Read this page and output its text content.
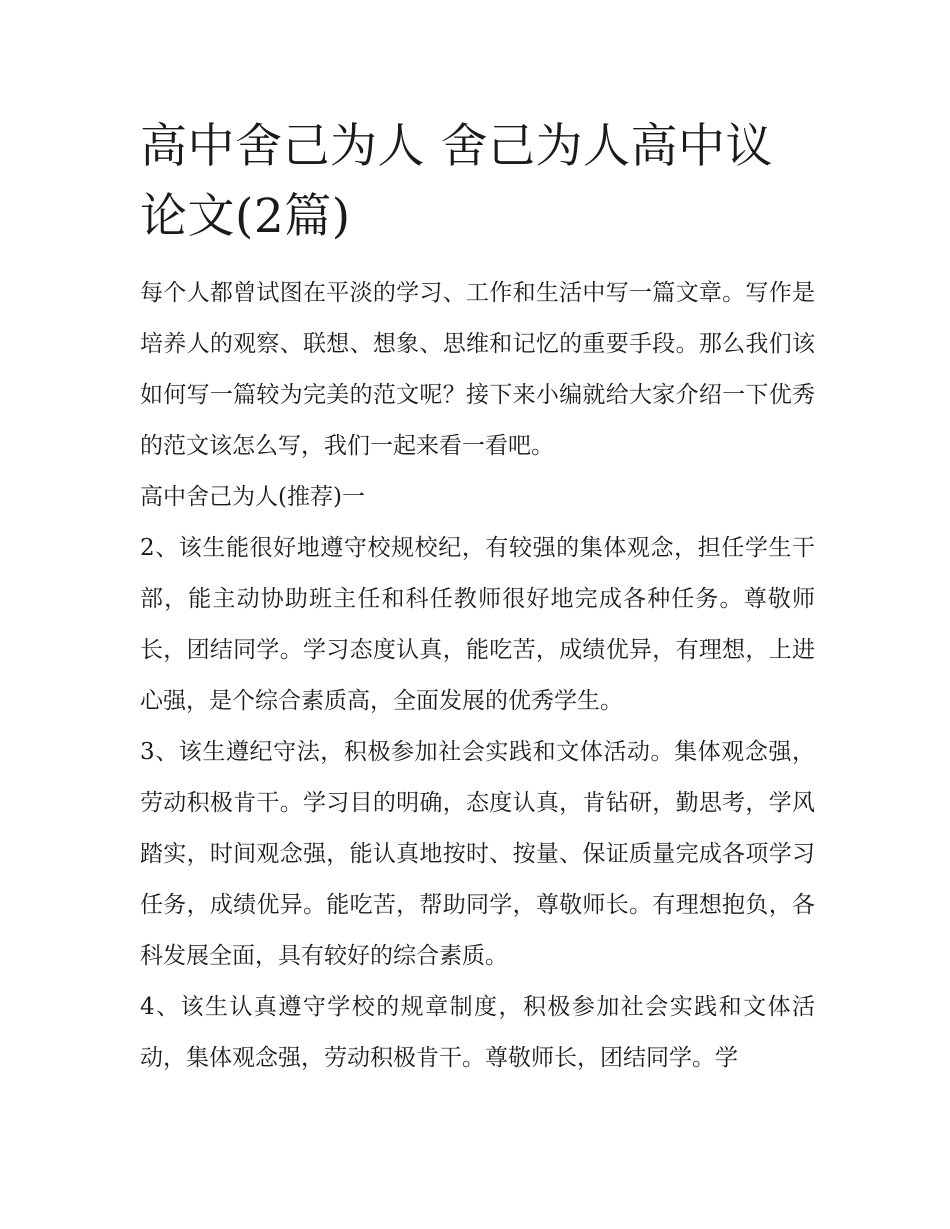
高中舍己为人 舍己为人高中议论文(2篇)

每个人都曾试图在平淡的学习、工作和生活中写一篇文章。写作是培养人的观察、联想、想象、思维和记忆的重要手段。那么我们该如何写一篇较为完美的范文呢？接下来小编就给大家介绍一下优秀的范文该怎么写，我们一起来看一看吧。

高中舍己为人(推荐)一

2、该生能很好地遵守校规校纪，有较强的集体观念，担任学生干部，能主动协助班主任和科任教师很好地完成各种任务。尊敬师长，团结同学。学习态度认真，能吃苦，成绩优异，有理想，上进心强，是个综合素质高，全面发展的优秀学生。

3、该生遵纪守法，积极参加社会实践和文体活动。集体观念强，劳动积极肯干。学习目的明确，态度认真，肯钻研，勤思考，学风踏实，时间观念强，能认真地按时、按量、保证质量完成各项学习任务，成绩优异。能吃苦，帮助同学，尊敬师长。有理想抱负，各科发展全面，具有较好的综合素质。

4、该生认真遵守学校的规章制度，积极参加社会实践和文体活动，集体观念强，劳动积极肯干。尊敬师长，团结同学。学
